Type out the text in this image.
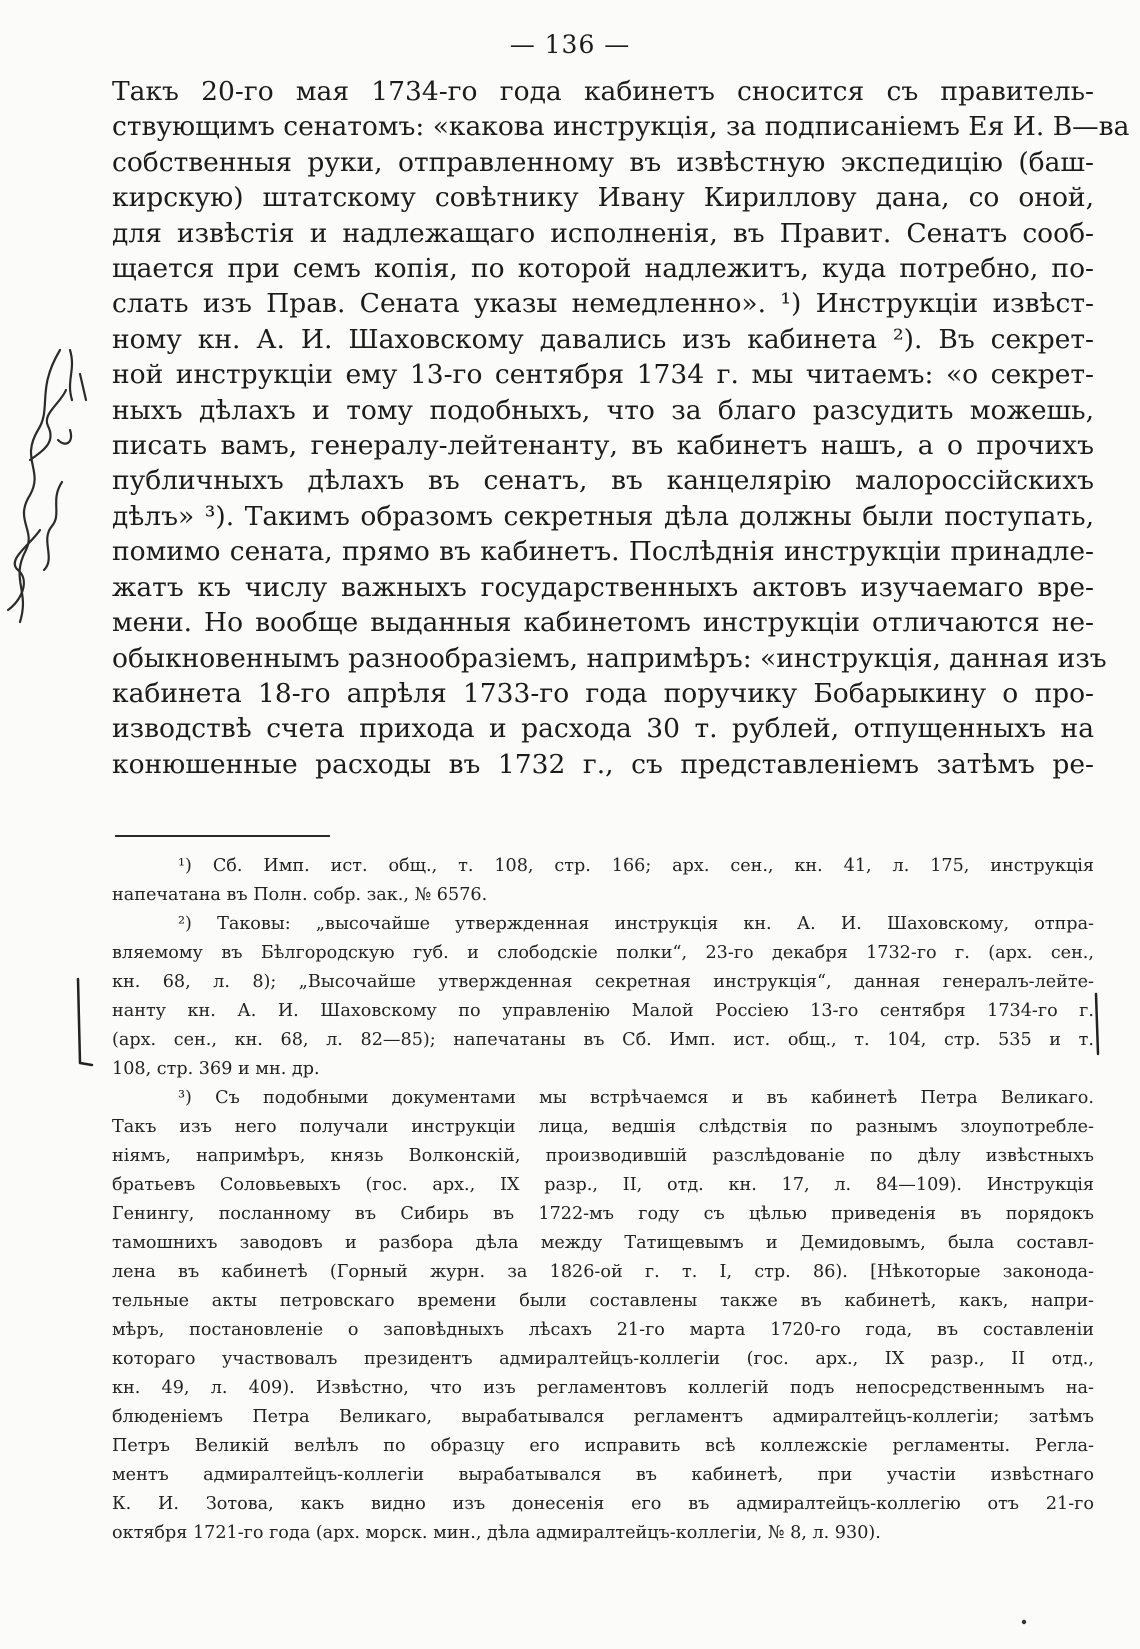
— 136 —
Такъ 20-го мая 1734-го года кабинетъ сносится съ правитель-
ствующимъ сенатомъ: «какова инструкція, за подписаніемъ Ея И. В—ва
собственныя руки, отправленному въ извѣстную экспедицію (баш-
кирскую) штатскому совѣтнику Ивану Кириллову дана, со оной,
для извѣстія и надлежащаго исполненія, въ Правит. Сенатъ сооб-
щается при семъ копія, по которой надлежитъ, куда потребно, по-
слать изъ Прав. Сената указы немедленно». ¹) Инструкціи извѣст-
ному кн. А. И. Шаховскому давались изъ кабинета ²). Въ секрет-
ной инструкціи ему 13-го сентября 1734 г. мы читаемъ: «о секрет-
ныхъ дѣлахъ и тому подобныхъ, что за благо разсудить можешь,
писать вамъ, генералу-лейтенанту, въ кабинетъ нашъ, а о прочихъ
публичныхъ дѣлахъ въ сенатъ, въ канцелярію малороссійскихъ
дѣлъ» ³). Такимъ образомъ секретныя дѣла должны были поступать,
помимо сената, прямо въ кабинетъ. Послѣднія инструкціи принадле-
жатъ къ числу важныхъ государственныхъ актовъ изучаемаго вре-
мени. Но вообще выданныя кабинетомъ инструкціи отличаются не-
обыкновеннымъ разнообразіемъ, напримѣръ: «инструкція, данная изъ
кабинета 18-го апрѣля 1733-го года поручику Бобарыкину о про-
изводствѣ счета прихода и расхода 30 т. рублей, отпущенныхъ на
конюшенные расходы въ 1732 г., съ представленіемъ затѣмъ ре-
¹) Сб. Имп. ист. общ., т. 108, стр. 166; арх. сен., кн. 41, л. 175, инструкція
напечатана въ Полн. собр. зак., № 6576.
²) Таковы: „высочайше утвержденная инструкція кн. А. И. Шаховскому, отпра-
вляемому въ Бѣлгородскую губ. и слободскіе полки“, 23-го декабря 1732-го г. (арх. сен.,
кн. 68, л. 8); „Высочайше утвержденная секретная инструкція“, данная генералъ-лейте-
нанту кн. А. И. Шаховскому по управленію Малой Россіею 13-го сентября 1734-го г.
(арх. сен., кн. 68, л. 82—85); напечатаны въ Сб. Имп. ист. общ., т. 104, стр. 535 и т.
108, стр. 369 и мн. др.
³) Съ подобными документами мы встрѣчаемся и въ кабинетѣ Петра Великаго.
Такъ изъ него получали инструкціи лица, ведшія слѣдствія по разнымъ злоупотребле-
ніямъ, напримѣръ, князь Волконскій, производившій разслѣдованіе по дѣлу извѣстныхъ
братьевъ Соловьевыхъ (гос. арх., IX разр., II, отд. кн. 17, л. 84—109). Инструкція
Генингу, посланному въ Сибирь въ 1722-мъ году съ цѣлью приведенія въ порядокъ
тамошнихъ заводовъ и разбора дѣла между Татищевымъ и Демидовымъ, была составл-
лена въ кабинетѣ (Горный журн. за 1826-ой г. т. I, стр. 86). [Нѣкоторые законода-
тельные акты петровскаго времени были составлены также въ кабинетѣ, какъ, напри-
мѣръ, постановленіе о заповѣдныхъ лѣсахъ 21-го марта 1720-го года, въ составленіи
котораго участвовалъ президентъ адмиралтейцъ-коллегіи (гос. арх., IX разр., II отд.,
кн. 49, л. 409). Извѣстно, что изъ регламентовъ коллегій подъ непосредственнымъ на-
блюденіемъ Петра Великаго, вырабатывался регламентъ адмиралтейцъ-коллегіи; затѣмъ
Петръ Великій велѣлъ по образцу его исправить всѣ коллежскіе регламенты. Регла-
ментъ адмиралтейцъ-коллегіи вырабатывался въ кабинетѣ, при участіи извѣстнаго
К. И. Зотова, какъ видно изъ донесенія его въ адмиралтейцъ-коллегію отъ 21-го
октября 1721-го года (арх. морск. мин., дѣла адмиралтейцъ-коллегіи, № 8, л. 930).
